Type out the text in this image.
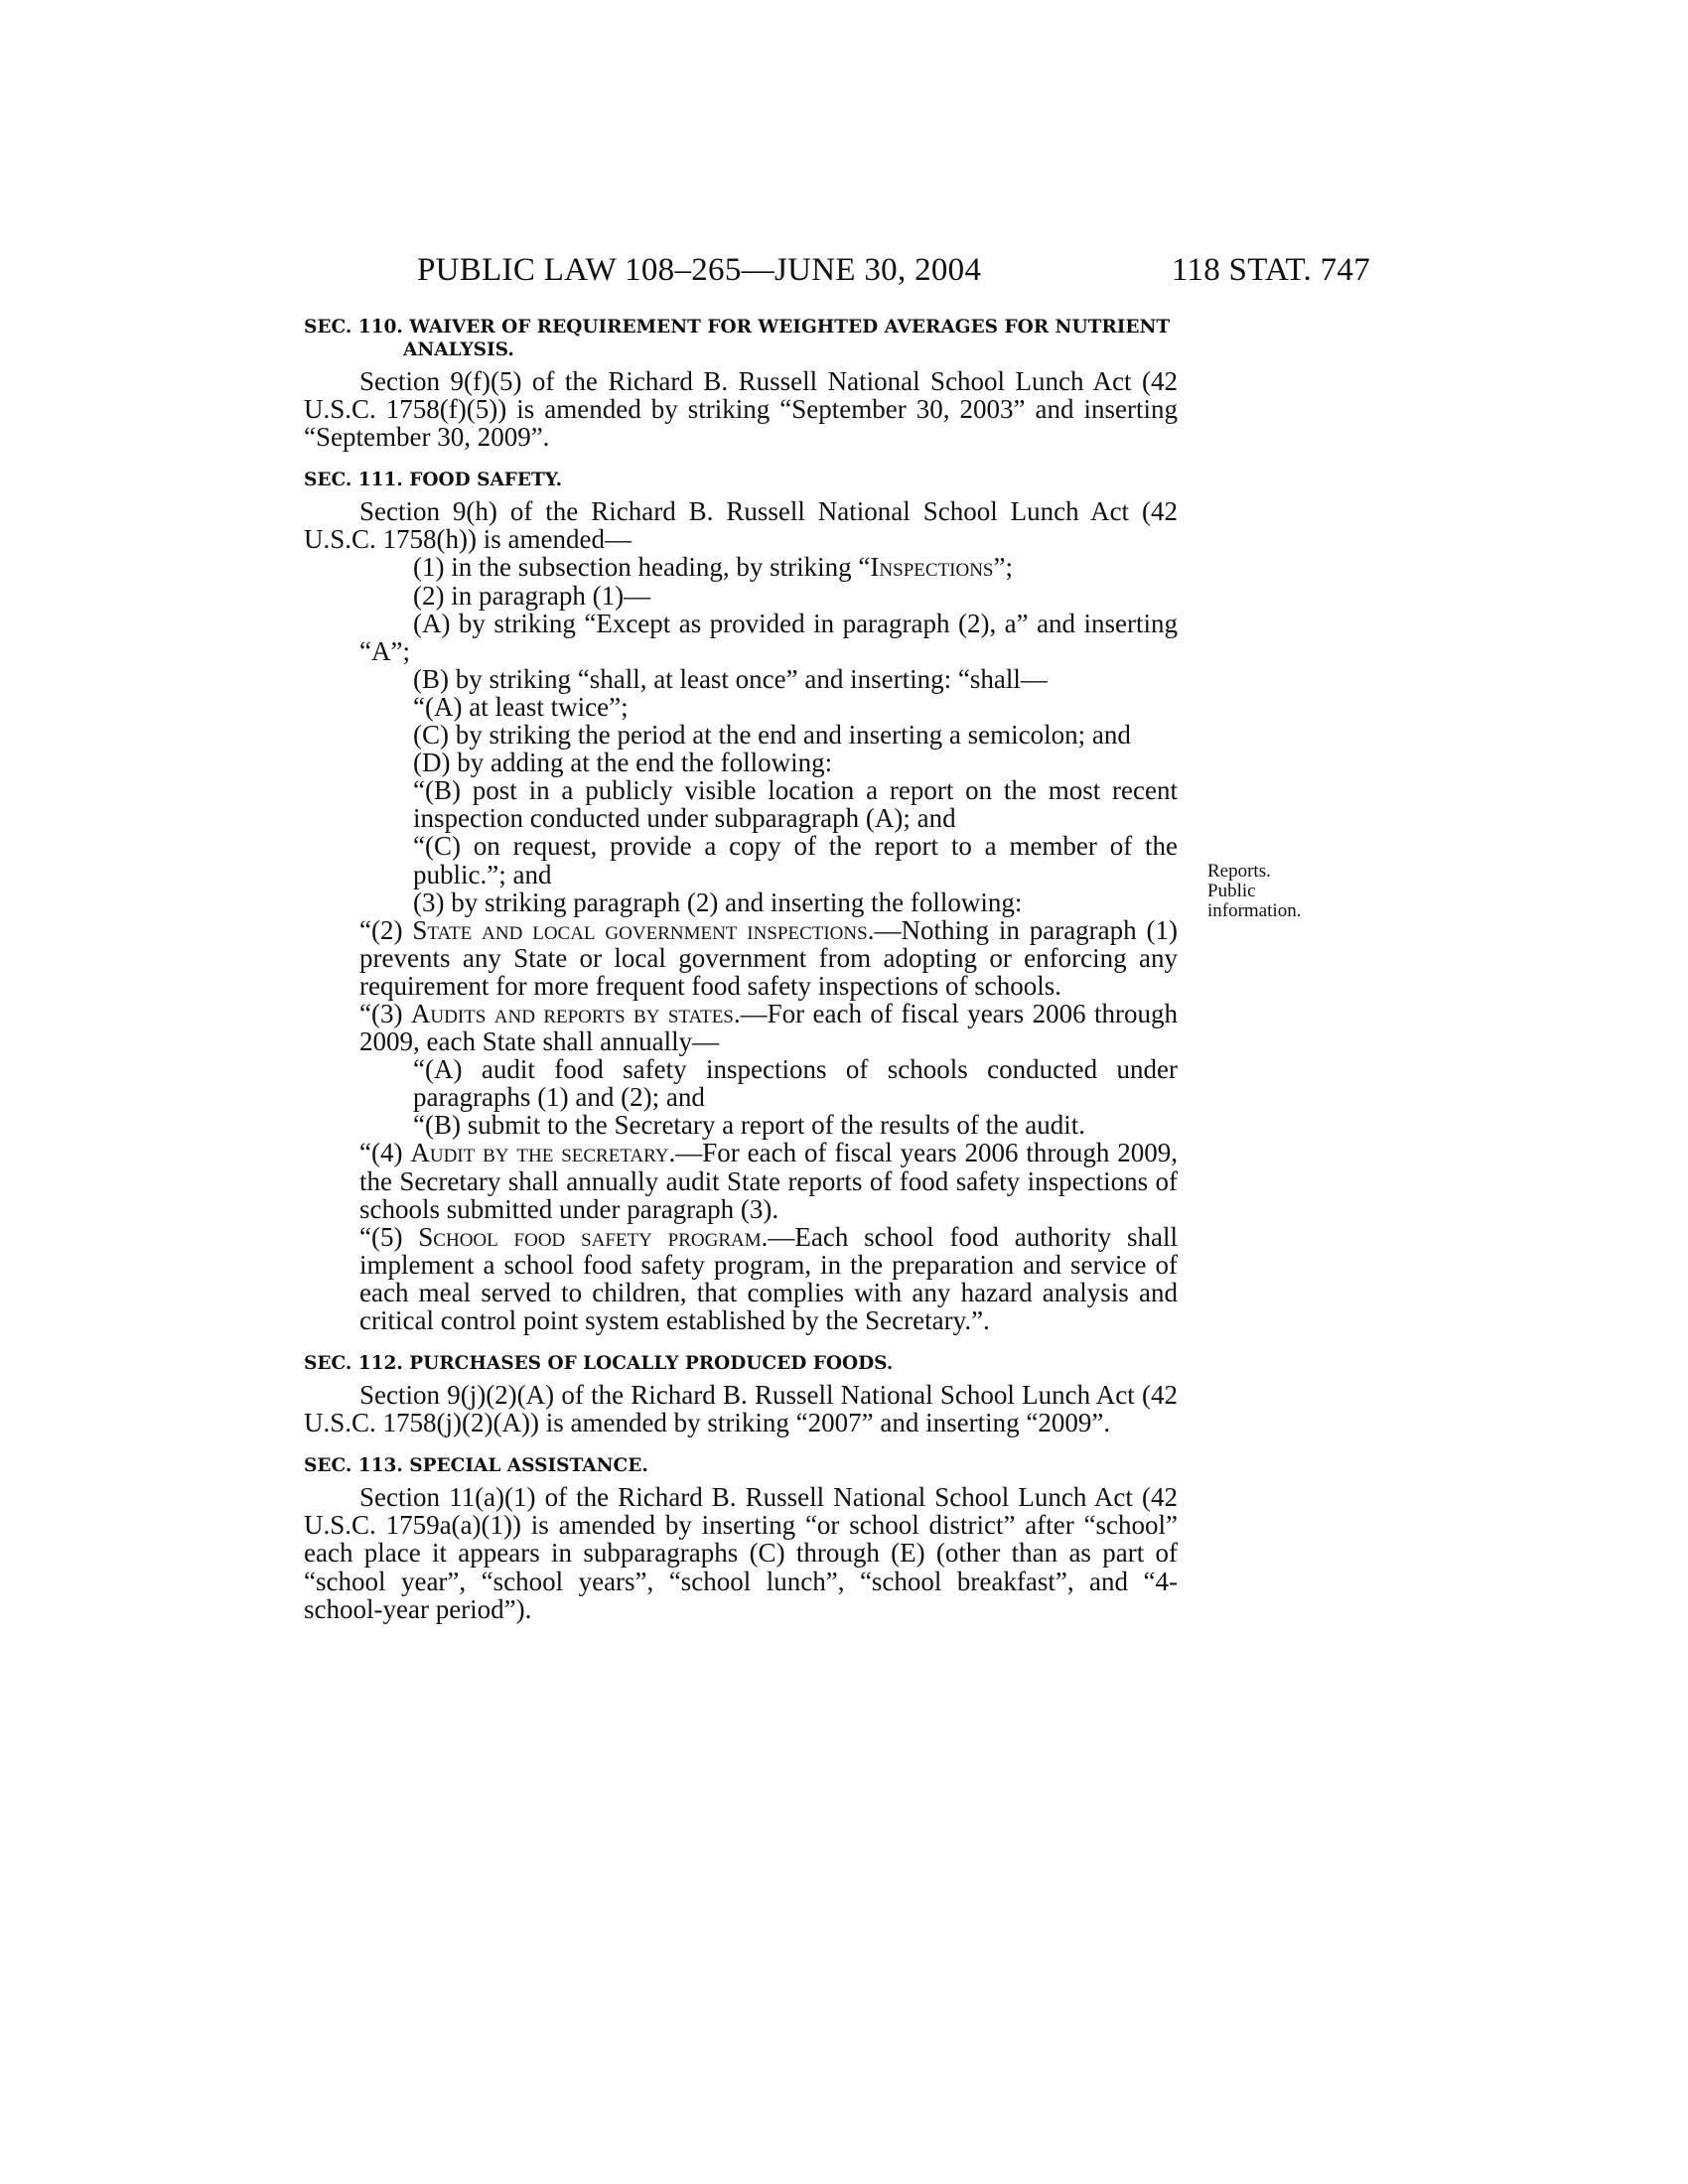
PUBLIC LAW 108–265—JUNE 30, 2004	118 STAT. 747

SEC. 110. WAIVER OF REQUIREMENT FOR WEIGHTED AVERAGES FOR NUTRIENT ANALYSIS.

Section 9(f)(5) of the Richard B. Russell National School Lunch Act (42 U.S.C. 1758(f)(5)) is amended by striking “September 30, 2003” and inserting “September 30, 2009”.

SEC. 111. FOOD SAFETY.

Section 9(h) of the Richard B. Russell National School Lunch Act (42 U.S.C. 1758(h)) is amended—

(1) in the subsection heading, by striking “Inspections”;

(2) in paragraph (1)—

(A) by striking “Except as provided in paragraph (2), a” and inserting “A”;

(B) by striking “shall, at least once” and inserting: “shall—

“(A) at least twice”;

(C) by striking the period at the end and inserting a semicolon; and

(D) by adding at the end the following:

“(B) post in a publicly visible location a report on the most recent inspection conducted under subparagraph (A); and

“(C) on request, provide a copy of the report to a member of the public.”; and

(3) by striking paragraph (2) and inserting the following:

“(2) State and local government inspections.—Nothing in paragraph (1) prevents any State or local government from adopting or enforcing any requirement for more frequent food safety inspections of schools.

“(3) Audits and reports by states.—For each of fiscal years 2006 through 2009, each State shall annually—

“(A) audit food safety inspections of schools conducted under paragraphs (1) and (2); and

“(B) submit to the Secretary a report of the results of the audit.

“(4) Audit by the secretary.—For each of fiscal years 2006 through 2009, the Secretary shall annually audit State reports of food safety inspections of schools submitted under paragraph (3).

“(5) School food safety program.—Each school food authority shall implement a school food safety program, in the preparation and service of each meal served to children, that complies with any hazard analysis and critical control point system established by the Secretary.”.

SEC. 112. PURCHASES OF LOCALLY PRODUCED FOODS.

Section 9(j)(2)(A) of the Richard B. Russell National School Lunch Act (42 U.S.C. 1758(j)(2)(A)) is amended by striking “2007” and inserting “2009”.

SEC. 113. SPECIAL ASSISTANCE.

Section 11(a)(1) of the Richard B. Russell National School Lunch Act (42 U.S.C. 1759a(a)(1)) is amended by inserting “or school district” after “school” each place it appears in subparagraphs (C) through (E) (other than as part of “school year”, “school years”, “school lunch”, “school breakfast”, and “4-school-year period”).

Reports.
Public information.
